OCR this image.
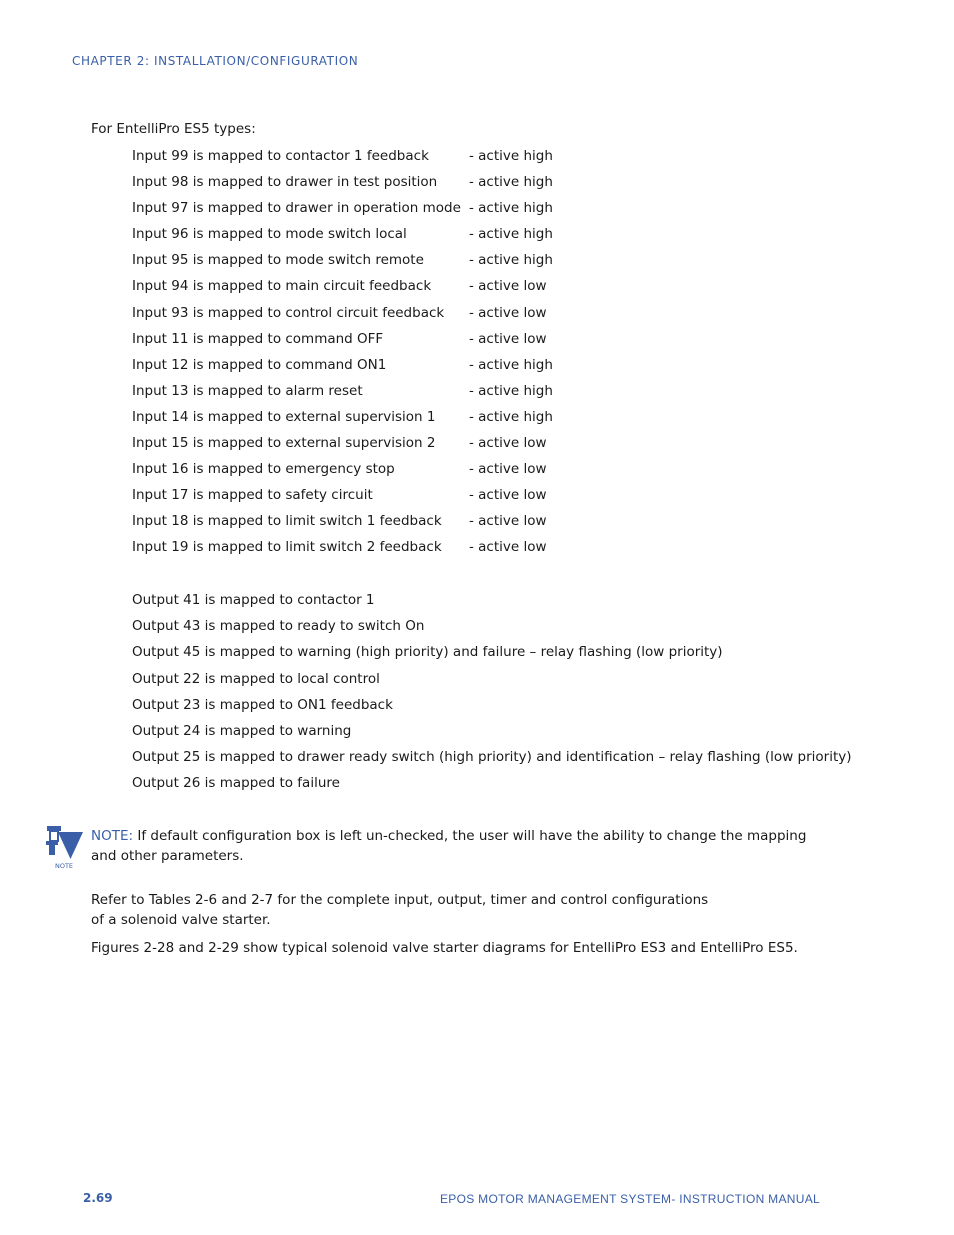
CHAPTER 2: INSTALLATION/CONFIGURATION
For EntelliPro ES5 types:
Input 99 is mapped to contactor 1 feedback	- active high
Input 98 is mapped to drawer in test position - active high
Input 97 is mapped to drawer in operation mode - active high
Input 96 is mapped to mode switch local	- active high
Input 95 is mapped to mode switch remote	- active high
Input 94 is mapped to main circuit feedback	- active low
Input 93 is mapped to control circuit feedback - active low
Input 11 is mapped to command OFF	- active low
Input 12 is mapped to command ON1	- active high
Input 13 is mapped to alarm reset	- active high
Input 14 is mapped to external supervision 1 - active high
Input 15 is mapped to external supervision 2 - active low
Input 16 is mapped to emergency stop	- active low
Input 17 is mapped to safety circuit	- active low
Input 18 is mapped to limit switch 1 feedback - active low
Input 19 is mapped to limit switch 2 feedback - active low
Output 41 is mapped to contactor 1
Output 43 is mapped to ready to switch On
Output 45 is mapped to warning (high priority) and failure – relay flashing (low priority)
Output 22 is mapped to local control
Output 23 is mapped to ON1 feedback
Output 24 is mapped to warning
Output 25 is mapped to drawer ready switch (high priority) and identification – relay flashing (low priority)
Output 26 is mapped to failure
NOTE
NOTE: If default configuration box is left un-checked, the user will have the ability to change the mapping and other parameters.
Refer to Tables 2-6 and 2-7 for the complete input, output, timer and control configurations of a solenoid valve starter.
Figures 2-28 and 2-29 show typical solenoid valve starter diagrams for EntelliPro ES3 and EntelliPro ES5.
2.69	EPOS MOTOR MANAGEMENT SYSTEM- INSTRUCTION MANUAL
